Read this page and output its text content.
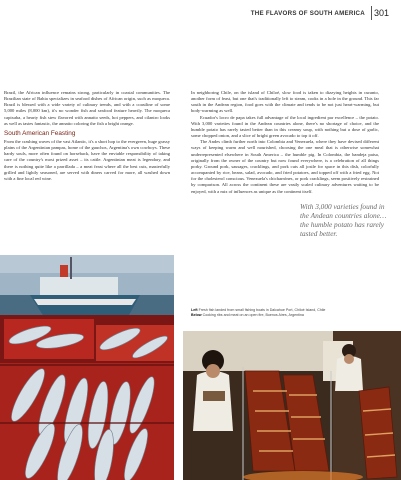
THE FLAVORS OF SOUTH AMERICA 301

Brazil, the African influence remains strong, particularly in coastal communities. The Brazilian state of Bahia specializes in seafood dishes of African origin, such as moqueca. Brazil is blessed with a wide variety of culinary trends, and with a coastline of some 5,000 miles (8,000 km), it's no wonder fish and seafood feature heavily. The moqueca capixaba, a hearty fish stew flavored with annatto seeds, hot peppers, and cilantro looks as well as tastes fantastic, the annatto coloring the fish a bright orange.

South American Feasting

From the crashing waves of the vast Atlantic, it's a short hop to the evergreen, huge grassy plains of the Argentinian pampas, home of the gauchos, Argentina's own cowboys. These hardy souls, more often found on horseback, have the enviable responsibility of taking care of the country's most prized asset – its cattle. Argentinian meat is legendary, and there is nothing quite like a parrillada – a meat feast where all the best cuts, masterfully grilled and lightly seasoned, are served with diners carved for more, all washed down with a fine local red wine.

In neighboring Chile, on the island of Chiloé, slow food is taken to dizzying heights in curanto, another form of feast, but one that's traditionally left to steam, cooks in a hole in the ground. This far south in the Andean region, food goes with the climate and tends to be not just heart-warming, but body-warming as well.

Ecuador's locro de papa takes full advantage of the local ingredient par excellence – the potato. With 3,000 varieties found in the Andean countries alone, there's no shortage of choice, and the humble potato has rarely tasted better than in this creamy soup, with nothing but a dose of garlic, some chopped onion, and a slice of bright green avocado to top it off.

The Andes climb further north into Colombia and Venezuela, where they have devised different ways of keeping warm and well nourished, choosing the one meal that is otherwise somewhat underrepresented elsewhere in South America – the humble pig. In Colombia, the bandeja paisa, originally from the owner of the country but now found everywhere, is a celebration of all things porky. Ground pork, sausages, cracklings, and pork cuts all jostle for space in this dish, colorfully accompanied by rice, beans, salad, avocado, and fried potatoes, and topped off with a fried egg. Not for the cholesterol conscious. Venezuela's chicharrónes, or pork cracklings, seem positively restrained by comparison. All across the continent these are vastly scaled culinary adventures waiting to be enjoyed, with a mix of influences as unique as the continent itself.

With 3,000 varieties found in the Andean countries alone… the humble potato has rarely tasted better.
Left Fresh fish landed from small fishing boats in Dalcahue Port, Chiloé Island, Chile
Below Cooking ribs and meat on an open fire, Buenos Aires, Argentina
